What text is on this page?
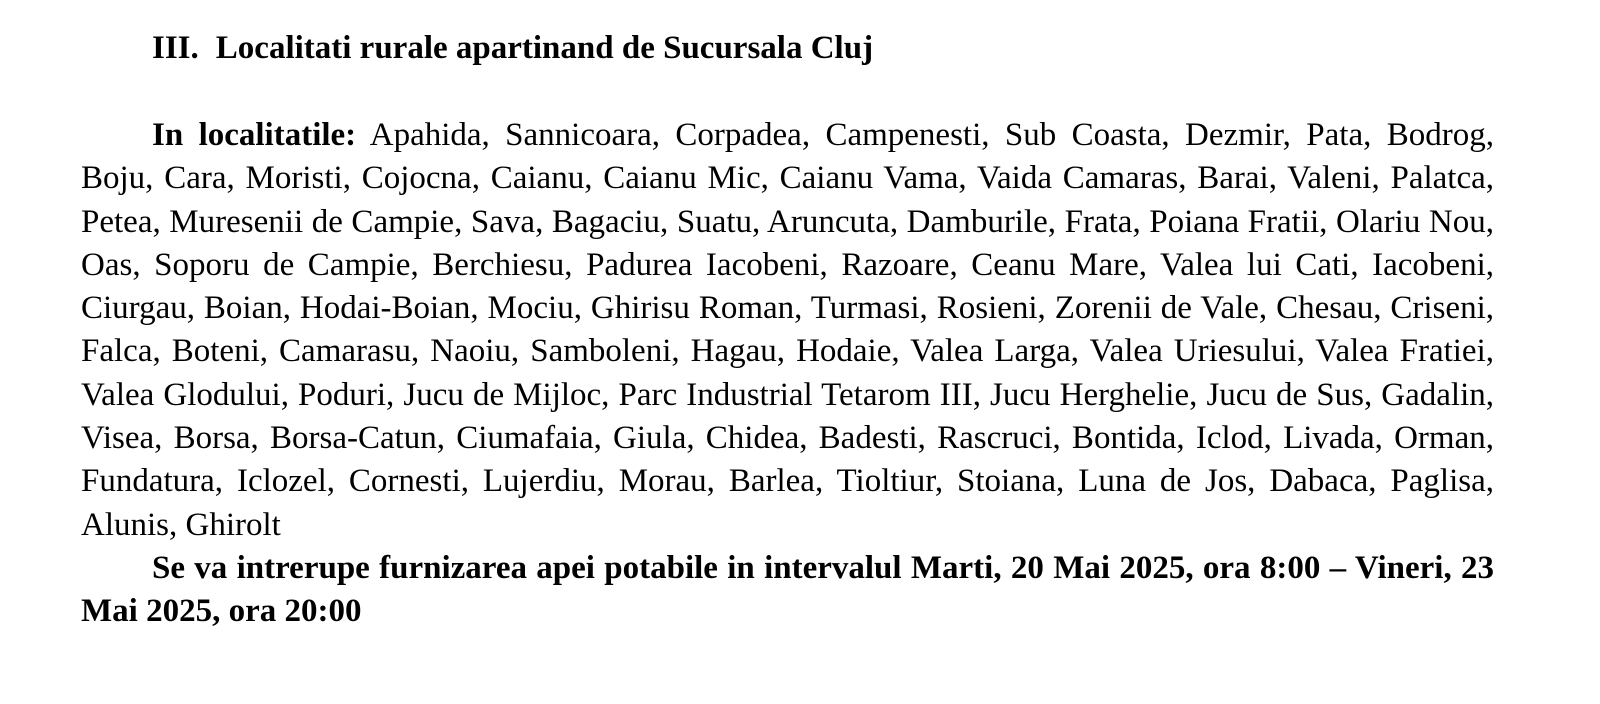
III. Localitati rurale apartinand de Sucursala Cluj

In localitatile: Apahida, Sannicoara, Corpadea, Campenesti, Sub Coasta, Dezmir, Pata, Bodrog, Boju, Cara, Moristi, Cojocna, Caianu, Caianu Mic, Caianu Vama, Vaida Camaras, Barai, Valeni, Palatca, Petea, Muresenii de Campie, Sava, Bagaciu, Suatu, Aruncuta, Damburile, Frata, Poiana Fratii, Olariu Nou, Oas, Soporu de Campie, Berchiesu, Padurea Iacobeni, Razoare, Ceanu Mare, Valea lui Cati, Iacobeni, Ciurgau, Boian, Hodai-Boian, Mociu, Ghirisu Roman, Turmasi, Rosieni, Zorenii de Vale, Chesau, Criseni, Falca, Boteni, Camarasu, Naoiu, Samboleni, Hagau, Hodaie, Valea Larga, Valea Uriesului, Valea Fratiei, Valea Glodului, Poduri, Jucu de Mijloc, Parc Industrial Tetarom III, Jucu Herghelie, Jucu de Sus, Gadalin, Visea, Borsa, Borsa-Catun, Ciumafaia, Giula, Chidea, Badesti, Rascruci, Bontida, Iclod, Livada, Orman, Fundatura, Iclozel, Cornesti, Lujerdiu, Morau, Barlea, Tioltiur, Stoiana, Luna de Jos, Dabaca, Paglisa, Alunis, Ghirolt

Se va intrerupe furnizarea apei potabile in intervalul Marti, 20 Mai 2025, ora 8:00 – Vineri, 23 Mai 2025, ora 20:00
